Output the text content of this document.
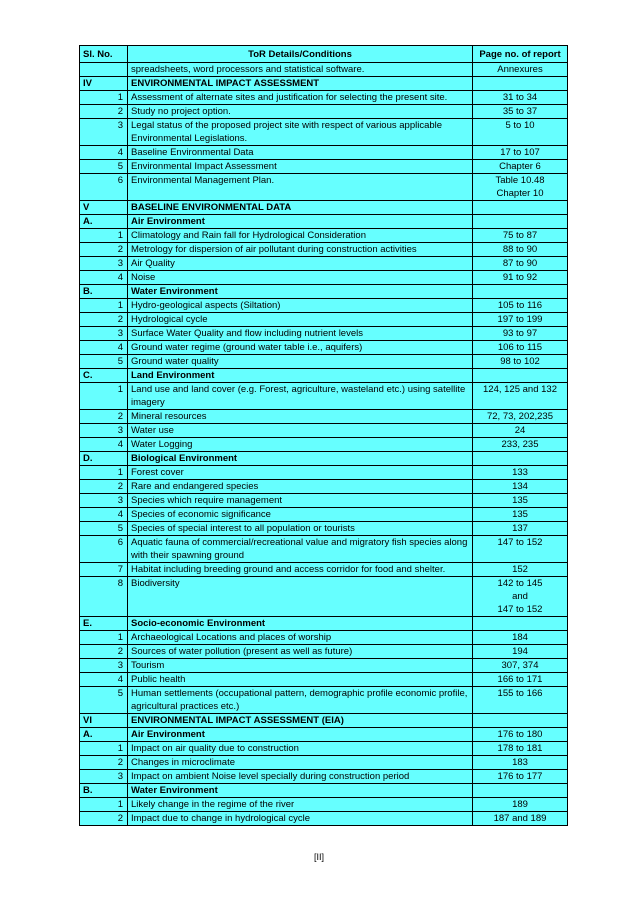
Sl. No.	ToR Details/Conditions	Page no. of report
	spreadsheets, word processors and statistical software.	Annexures

IV	ENVIRONMENTAL IMPACT ASSESSMENT	
1	Assessment of alternate sites and justification for selecting the present site.	31 to 34

2	Study no project option.	35 to 37

3	Legal status of the proposed project site with respect of various applicable Environmental Legislations.	5 to 10

4	Baseline Environmental Data	17 to 107

5	Environmental Impact Assessment	Chapter 6

6	Environmental Management Plan.	Table 10.48
Chapter 10

V	BASELINE ENVIRONMENTAL DATA	
A.	Air Environment	
1	Climatology and Rain fall for Hydrological Consideration	75 to 87

2	Metrology for dispersion of air pollutant during construction activities	88 to 90

3	Air Quality	87 to 90

4	Noise	91 to 92

B.	Water Environment	
1	Hydro-geological aspects (Siltation)	105 to 116

2	Hydrological cycle	197 to 199

3	Surface Water Quality and flow including nutrient levels	93 to 97

4	Ground water regime (ground water table i.e., aquifers)	106 to 115

5	Ground water quality	98 to 102

C.	Land Environment	
1	Land use and land cover (e.g. Forest, agriculture, wasteland etc.) using satellite imagery	124, 125 and 132

2	Mineral resources	72, 73, 202,235

3	Water use	24

4	Water Logging	233, 235

D.	Biological Environment	
1	Forest cover	133

2	Rare and endangered species	134

3	Species which require management	135

4	Species of economic significance	135

5	Species of special interest to all population or tourists	137

6	Aquatic fauna of commercial/recreational value and migratory fish species along with their spawning ground	147 to 152

7	Habitat including breeding ground and access corridor for food and shelter.	152

8	Biodiversity	142 to 145
and
147 to 152

E.	Socio-economic Environment	
1	Archaeological Locations and places of worship	184

2	Sources of water pollution (present as well as future)	194

3	Tourism	307, 374

4	Public health	166 to 171

5	Human settlements (occupational pattern, demographic profile economic profile, agricultural practices etc.)	155 to 166

VI	ENVIRONMENTAL IMPACT ASSESSMENT (EIA)	
A.	Air Environment	176 to 180

1	Impact on air quality due to construction	178 to 181

2	Changes in microclimate	183

3	Impact on ambient Noise level specially during construction period	176 to 177

B.	Water Environment	
1	Likely change in the regime of the river	189

2	Impact due to change in hydrological cycle	187 and 189
[II]
